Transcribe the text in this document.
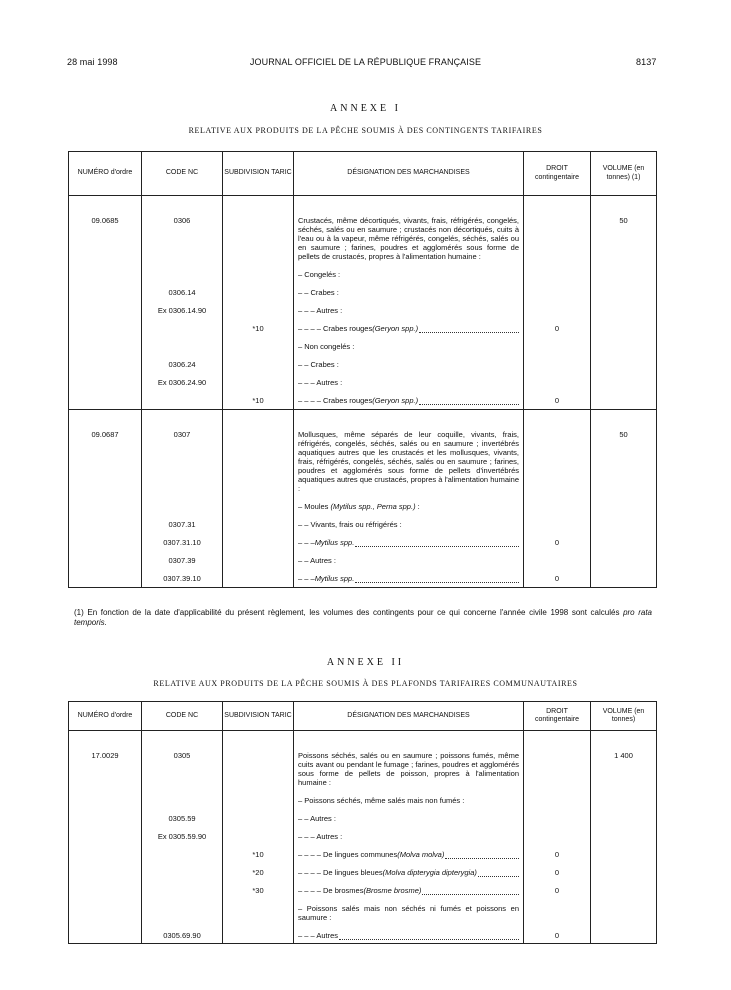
28 mai 1998	JOURNAL OFFICIEL DE LA RÉPUBLIQUE FRANÇAISE	8137
ANNEXE I
RELATIVE AUX PRODUITS DE LA PÊCHE SOUMIS À DES CONTINGENTS TARIFAIRES
NUMÉRO d'ordre	CODE NC	SUBDIVISION TARIC	DÉSIGNATION DES MARCHANDISES	DROIT contingentaire	VOLUME (en tonnes) (1)
09.0685	0306		Crustacés, même décortiqués, vivants, frais, réfrigérés, congelés, séchés, salés ou en saumure ; crustacés non décortiqués, cuits à l'eau ou à la vapeur, même réfrigérés, congelés, séchés, salés ou en saumure ; farines, poudres et agglomérés sous forme de pellets de crustacés, propres à l'alimentation humaine :		50

			– Congelés :		

	0306.14		– – Crabes :		

	Ex 0306.14.90		– – – Autres :		

		*10	– – – – Crabes rouges (Geryon spp.)	0	

			– Non congelés :		

	0306.24		– – Crabes :		

	Ex 0306.24.90		– – – Autres :		

		*10	– – – – Crabes rouges (Geryon spp.)	0	
09.0687	0307		Mollusques, même séparés de leur coquille, vivants, frais, réfrigérés, congelés, séchés, salés ou en saumure ; invertébrés aquatiques autres que les crustacés et les mollusques, vivants, frais, réfrigérés, congelés, séchés, salés ou en saumure ; farines, poudres et agglomérés sous forme de pellets d'invertébrés aquatiques autres que crustacés, propres à l'alimentation humaine :		50

			– Moules (Mytilus spp., Perna spp.) :		

	0307.31		– – Vivants, frais ou réfrigérés :		

	0307.31.10		– – – Mytilus spp.	0	
	0307.39		– – Autres :		

	0307.39.10		– – – Mytilus spp.	0	
(1) En fonction de la date d'applicabilité du présent règlement, les volumes des contingents pour ce qui concerne l'année civile 1998 sont calculés pro rata temporis.
ANNEXE II
RELATIVE AUX PRODUITS DE LA PÊCHE SOUMIS À DES PLAFONDS TARIFAIRES COMMUNAUTAIRES
NUMÉRO d'ordre	CODE NC	SUBDIVISION TARIC	DÉSIGNATION DES MARCHANDISES	DROIT contingentaire	VOLUME (en tonnes)
17.0029	0305		Poissons séchés, salés ou en saumure ; poissons fumés, même cuits avant ou pendant le fumage ; farines, poudres et agglomérés sous forme de pellets de poisson, propres à l'alimentation humaine :		1 400

			– Poissons séchés, même salés mais non fumés :		

	0305.59		– – Autres :		

	Ex 0305.59.90		– – – Autres :		

		*10	– – – – De lingues communes (Molva molva)	0	
		*20	– – – – De lingues bleues (Molva dipterygia dipterygia)	0	
		*30	– – – – De brosmes (Brosme brosme)	0	

			– Poissons salés mais non séchés ni fumés et poissons en saumure :		

	0305.69.90		– – – Autres	0	
